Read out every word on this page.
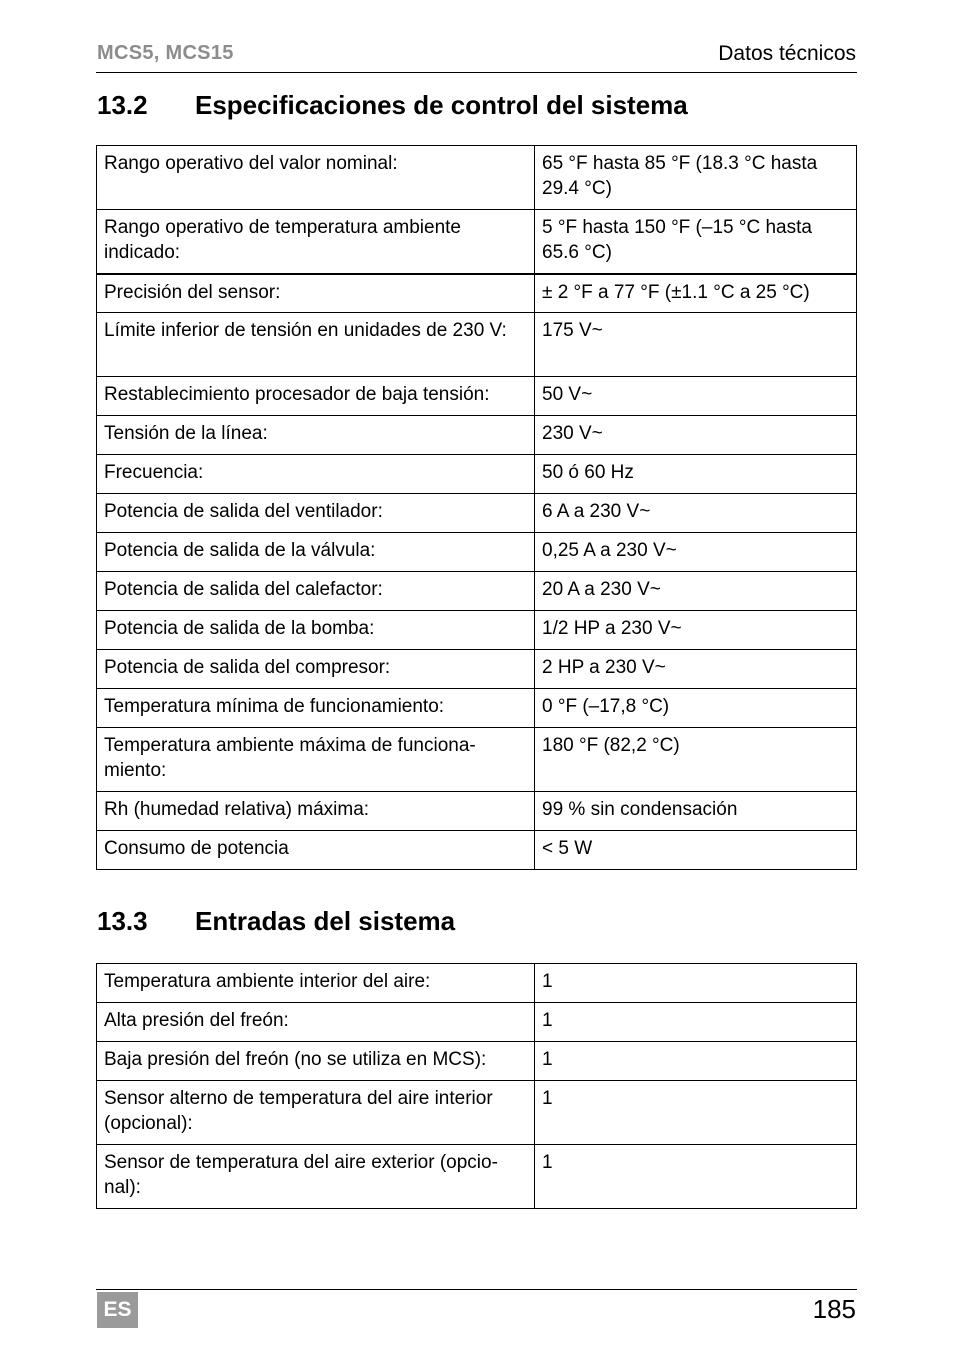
MCS5, MCS15	Datos técnicos
13.2 Especificaciones de control del sistema
Rango operativo del valor nominal:	65 °F hasta 85 °F (18.3 °C hasta 29.4 °C)
Rango operativo de temperatura ambiente indicado:	5 °F hasta 150 °F (–15 °C hasta 65.6 °C)
Precisión del sensor:	± 2 °F a 77 °F (±1.1 °C a 25 °C)
Límite inferior de tensión en unidades de 230 V:	175 V~
Restablecimiento procesador de baja tensión:	50 V~
Tensión de la línea:	230 V~
Frecuencia:	50 ó 60 Hz
Potencia de salida del ventilador:	6 A a 230 V~
Potencia de salida de la válvula:	0,25 A a 230 V~
Potencia de salida del calefactor:	20 A a 230 V~
Potencia de salida de la bomba:	1/2 HP a 230 V~
Potencia de salida del compresor:	2 HP a 230 V~
Temperatura mínima de funcionamiento:	0 °F (–17,8 °C)
Temperatura ambiente máxima de funciona-miento:	180 °F (82,2 °C)
Rh (humedad relativa) máxima:	99 % sin condensación
Consumo de potencia	< 5 W
13.3 Entradas del sistema
Temperatura ambiente interior del aire:	1
Alta presión del freón:	1
Baja presión del freón (no se utiliza en MCS):	1
Sensor alterno de temperatura del aire interior (opcional):	1
Sensor de temperatura del aire exterior (opcio-nal):	1
ES	185
